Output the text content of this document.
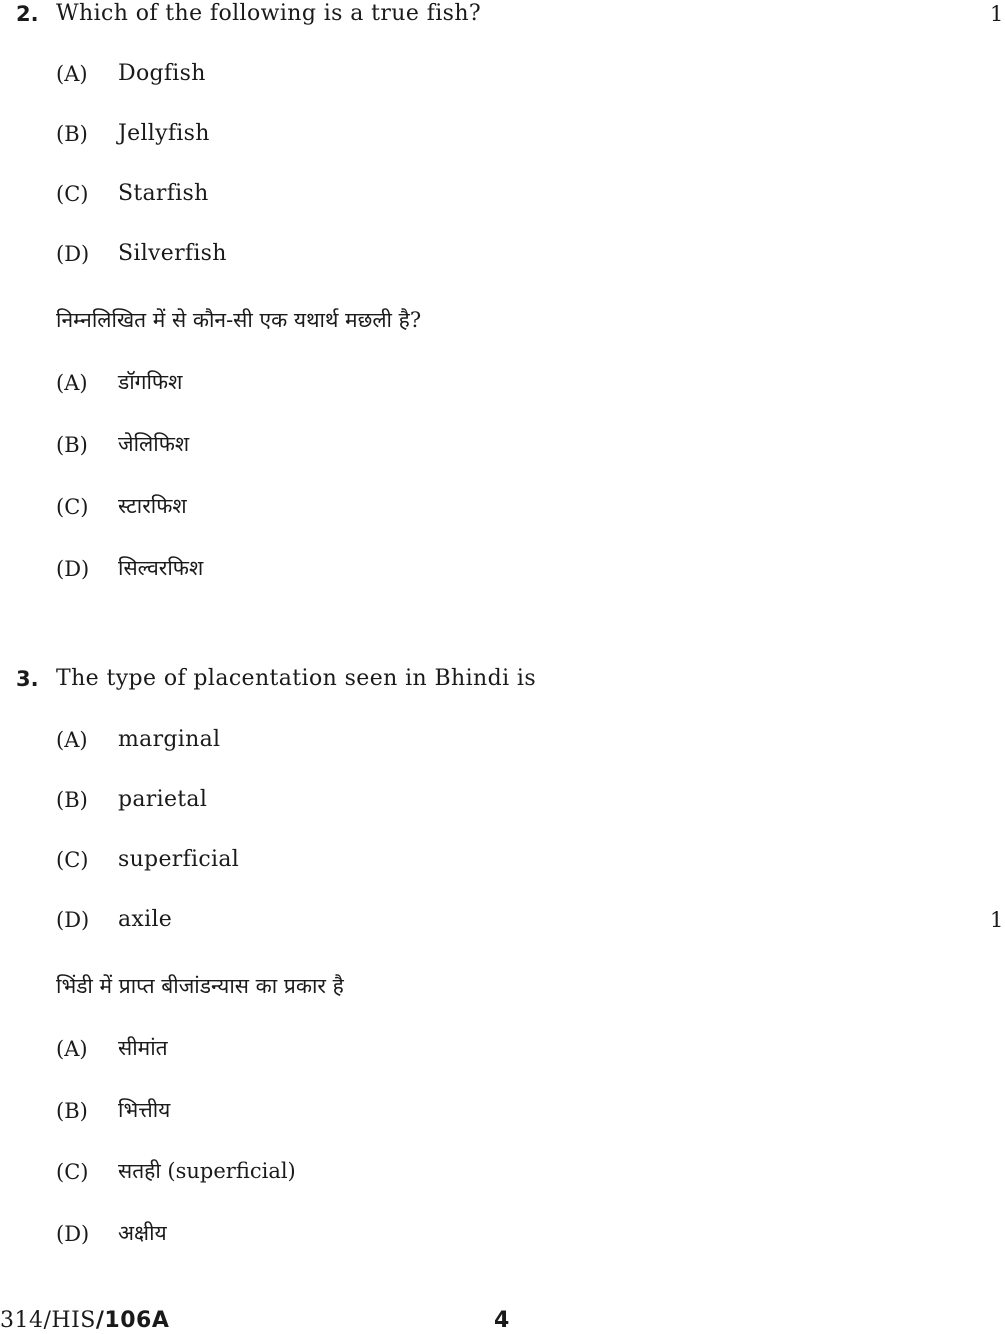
2. Which of the following is a true fish?	1
(A) Dogfish
(B) Jellyfish
(C) Starfish
(D) Silverfish
निम्नलिखित में से कौन-सी एक यथार्थ मछली है?
(A) डॉगफिश
(B) जेलिफिश
(C) स्टारफिश
(D) सिल्वरफिश
3. The type of placentation seen in Bhindi is
(A) marginal
(B) parietal
(C) superficial
(D) axile	1
भिंडी में प्राप्त बीजांडन्यास का प्रकार है
(A) सीमांत
(B) भित्तीय
(C) सतही (superficial)
(D) अक्षीय
314/HIS/106A	4
